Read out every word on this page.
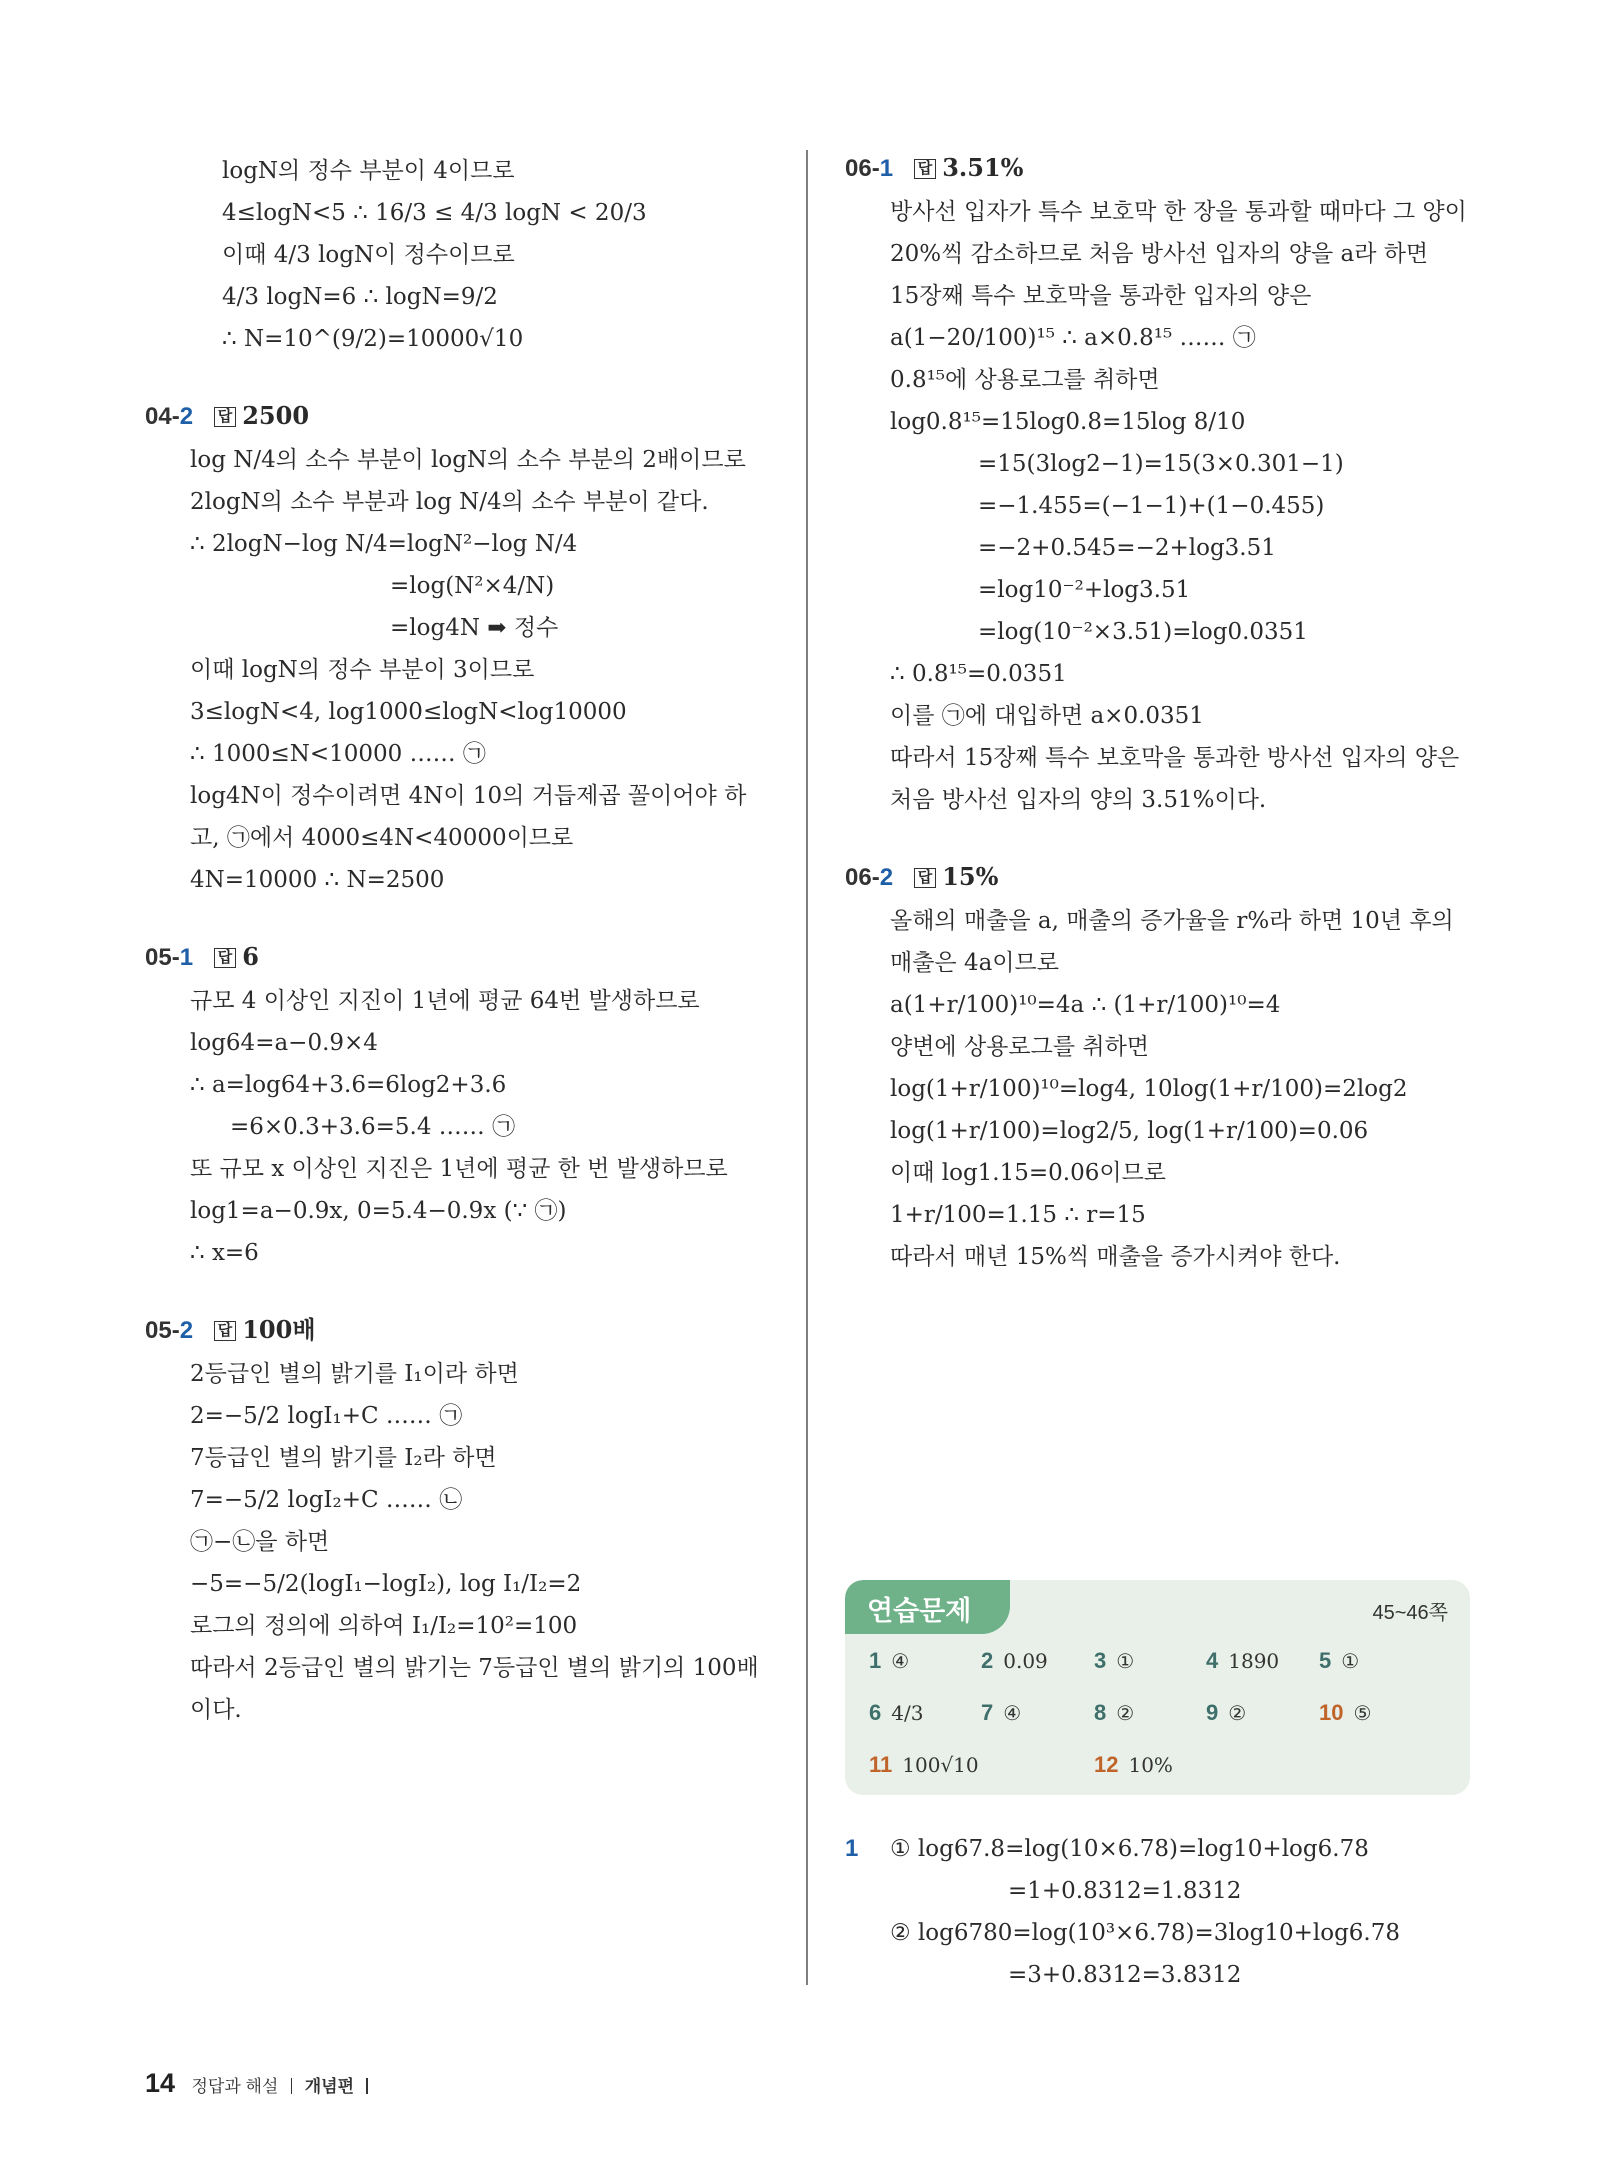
logN의 정수 부분이 4이므로
4≤logN<5 ∴ 16/3 ≤ 4/3 logN < 20/3
이때 4/3 logN이 정수이므로
4/3 logN=6 ∴ logN=9/2
∴ N=10^(9/2)=10000√10
04-2 답 2500
log N/4의 소수 부분이 logN의 소수 부분의 2배이므로
2logN의 소수 부분과 log N/4의 소수 부분이 같다.
∴ 2logN−log N/4=logN²−log N/4
=log(N²×4/N)
=log4N ➡ 정수
이때 logN의 정수 부분이 3이므로
3≤logN<4, log1000≤logN<log10000
∴ 1000≤N<10000 …… ㉠
log4N이 정수이려면 4N이 10의 거듭제곱 꼴이어야 하
고, ㉠에서 4000≤4N<40000이므로
4N=10000 ∴ N=2500
05-1 답 6
규모 4 이상인 지진이 1년에 평균 64번 발생하므로
log64=a−0.9×4
∴ a=log64+3.6=6log2+3.6
=6×0.3+3.6=5.4 …… ㉠
또 규모 x 이상인 지진은 1년에 평균 한 번 발생하므로
log1=a−0.9x, 0=5.4−0.9x (∵ ㉠)
∴ x=6
05-2 답 100배
2등급인 별의 밝기를 I₁이라 하면
2=−5/2 logI₁+C …… ㉠
7등급인 별의 밝기를 I₂라 하면
7=−5/2 logI₂+C …… ㉡
㉠−㉡을 하면
−5=−5/2(logI₁−logI₂), log I₁/I₂=2
로그의 정의에 의하여 I₁/I₂=10²=100
따라서 2등급인 별의 밝기는 7등급인 별의 밝기의 100배
이다.
06-1 답 3.51%
방사선 입자가 특수 보호막 한 장을 통과할 때마다 그 양이
20%씩 감소하므로 처음 방사선 입자의 양을 a라 하면
15장째 특수 보호막을 통과한 입자의 양은
a(1−20/100)¹⁵ ∴ a×0.8¹⁵ …… ㉠
0.8¹⁵에 상용로그를 취하면
log0.8¹⁵=15log0.8=15log 8/10
=15(3log2−1)=15(3×0.301−1)
=−1.455=(−1−1)+(1−0.455)
=−2+0.545=−2+log3.51
=log10⁻²+log3.51
=log(10⁻²×3.51)=log0.0351
∴ 0.8¹⁵=0.0351
이를 ㉠에 대입하면 a×0.0351
따라서 15장째 특수 보호막을 통과한 방사선 입자의 양은
처음 방사선 입자의 양의 3.51%이다.
06-2 답 15%
올해의 매출을 a, 매출의 증가율을 r%라 하면 10년 후의
매출은 4a이므로
a(1+r/100)¹⁰=4a ∴ (1+r/100)¹⁰=4
양변에 상용로그를 취하면
log(1+r/100)¹⁰=log4, 10log(1+r/100)=2log2
log(1+r/100)=log2/5, log(1+r/100)=0.06
이때 log1.15=0.06이므로
1+r/100=1.15 ∴ r=15
따라서 매년 15%씩 매출을 증가시켜야 한다.
연습문제	45~46쪽
1 ④	2 0.09 3 ①	4 1890 5 ①
6 4/3	7 ④	8 ②	9 ②	10 ⑤
11 100√10	12 10%
1 ① log67.8=log(10×6.78)=log10+log6.78
=1+0.8312=1.8312
② log6780=log(10³×6.78)=3log10+log6.78
=3+0.8312=3.8312
14 정답과 해설 개념편
